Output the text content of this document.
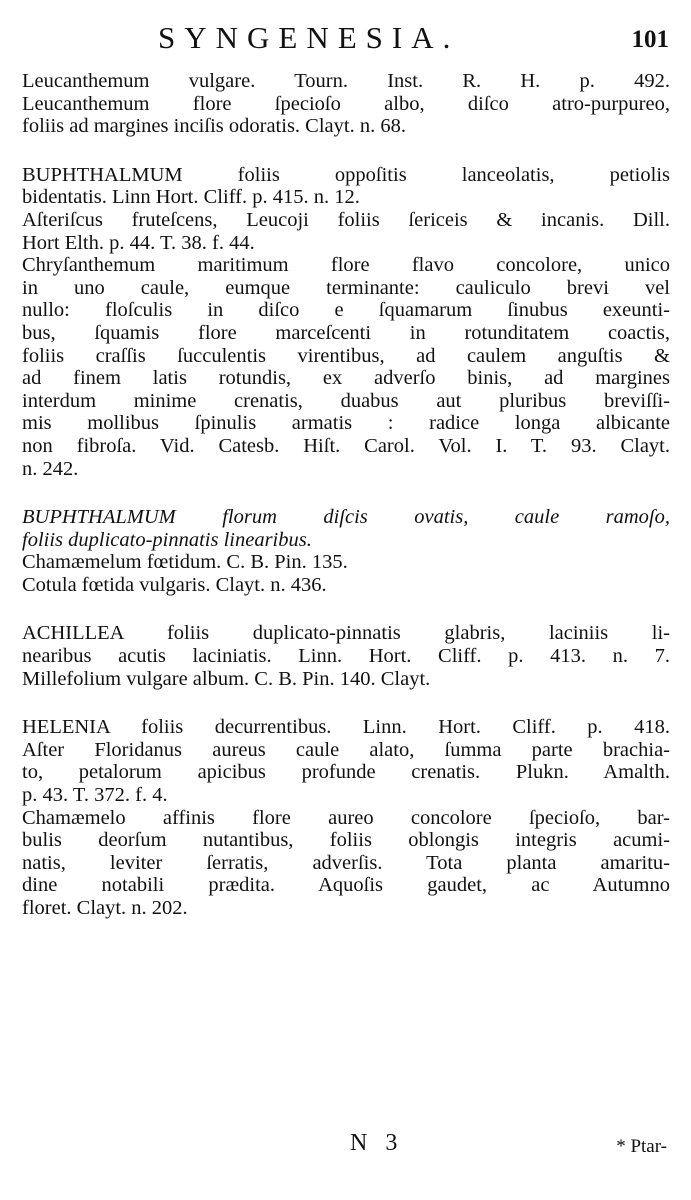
SYNGENESIA.	101
Leucanthemum vulgare. Tourn. Inst. R. H. p. 492.
Leucanthemum flore ſpecioſo albo, diſco atro-purpureo,
foliis ad margines inciſis odoratis. Clayt. n. 68.
BUPHTHALMUM foliis oppoſitis lanceolatis, petiolis
bidentatis. Linn Hort. Cliff. p. 415. n. 12.
Aſteriſcus fruteſcens, Leucoji foliis ſericeis & incanis. Dill.
Hort Elth. p. 44. T. 38. f. 44.
Chryſanthemum maritimum flore flavo concolore, unico
in uno caule, eumque terminante: cauliculo brevi vel
nullo: floſculis in diſco e ſquamarum ſinubus exeunti-
bus, ſquamis flore marceſcenti in rotunditatem coactis,
foliis craſſis ſucculentis virentibus, ad caulem anguſtis &
ad finem latis rotundis, ex adverſo binis, ad margines
interdum minime crenatis, duabus aut pluribus breviſſi-
mis mollibus ſpinulis armatis : radice longa albicante
non fibroſa. Vid. Catesb. Hiſt. Carol. Vol. I. T. 93. Clayt.
n. 242.
BUPHTHALMUM florum diſcis ovatis, caule ramoſo,
foliis duplicato-pinnatis linearibus.
Chamæmelum fœtidum. C. B. Pin. 135.
Cotula fœtida vulgaris. Clayt. n. 436.
ACHILLEA foliis duplicato-pinnatis glabris, laciniis li-
nearibus acutis laciniatis. Linn. Hort. Cliff. p. 413. n. 7.
Millefolium vulgare album. C. B. Pin. 140. Clayt.
HELENIA foliis decurrentibus. Linn. Hort. Cliff. p. 418.
Aſter Floridanus aureus caule alato, ſumma parte brachia-
to, petalorum apicibus profunde crenatis. Plukn. Amalth.
p. 43. T. 372. f. 4.
Chamæmelo affinis flore aureo concolore ſpecioſo, bar-
bulis deorſum nutantibus, foliis oblongis integris acumi-
natis, leviter ſerratis, adverſis. Tota planta amaritu-
dine notabili prædita. Aquoſis gaudet, ac Autumno
floret. Clayt. n. 202.
N 3	* Ptar-
